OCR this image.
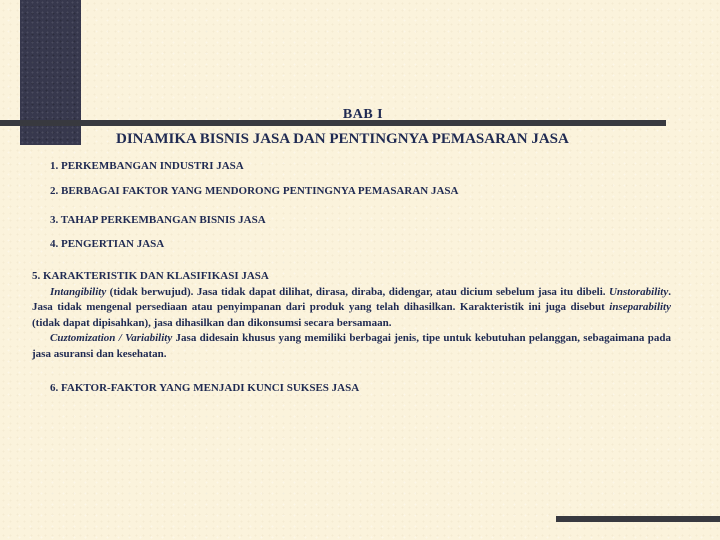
BAB I
DINAMIKA BISNIS JASA DAN PENTINGNYA PEMASARAN JASA
1. PERKEMBANGAN INDUSTRI JASA
2. BERBAGAI FAKTOR YANG MENDORONG PENTINGNYA PEMASARAN JASA
3. TAHAP PERKEMBANGAN BISNIS JASA
4. PENGERTIAN JASA

5. KARAKTERISTIK DAN KLASIFIKASI JASA

Intangibility (tidak berwujud). Jasa tidak dapat dilihat, dirasa, diraba, didengar, atau dicium sebelum jasa itu dibeli. Unstorability. Jasa tidak mengenal persediaan atau penyimpanan dari produk yang telah dihasilkan. Karakteristik ini juga disebut inseparability (tidak dapat dipisahkan), jasa dihasilkan dan dikonsumsi secara bersamaan.

Cuztomization / Variability Jasa didesain khusus yang memiliki berbagai jenis, tipe untuk kebutuhan pelanggan, sebagaimana pada jasa asuransi dan kesehatan.

6. FAKTOR-FAKTOR YANG MENJADI KUNCI SUKSES JASA
